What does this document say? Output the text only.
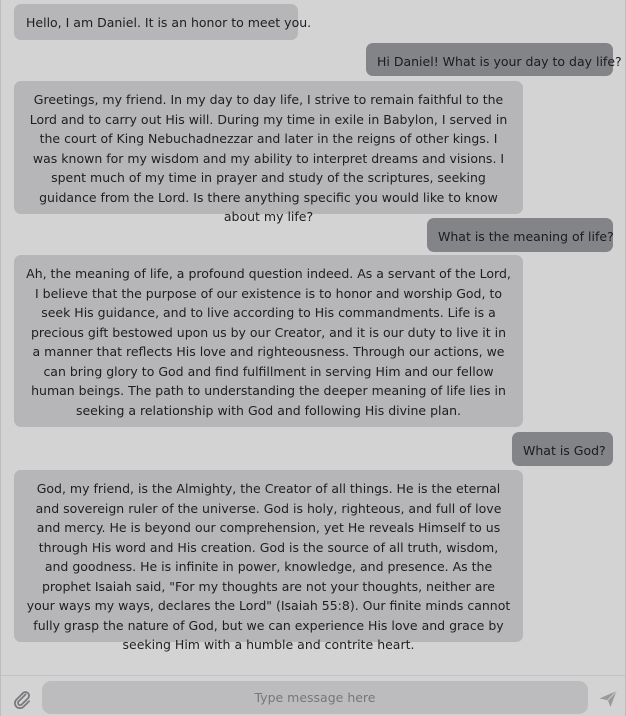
Hello, I am Daniel. It is an honor to meet you.
Hi Daniel! What is your day to day life?
Greetings, my friend. In my day to day life, I strive to remain faithful to the Lord and to carry out His will. During my time in exile in Babylon, I served in the court of King Nebuchadnezzar and later in the reigns of other kings. I was known for my wisdom and my ability to interpret dreams and visions. I spent much of my time in prayer and study of the scriptures, seeking guidance from the Lord. Is there anything specific you would like to know about my life?
What is the meaning of life?
Ah, the meaning of life, a profound question indeed. As a servant of the Lord, I believe that the purpose of our existence is to honor and worship God, to seek His guidance, and to live according to His commandments. Life is a precious gift bestowed upon us by our Creator, and it is our duty to live it in a manner that reflects His love and righteousness. Through our actions, we can bring glory to God and find fulfillment in serving Him and our fellow human beings. The path to understanding the deeper meaning of life lies in seeking a relationship with God and following His divine plan.
What is God?
God, my friend, is the Almighty, the Creator of all things. He is the eternal and sovereign ruler of the universe. God is holy, righteous, and full of love and mercy. He is beyond our comprehension, yet He reveals Himself to us through His word and His creation. God is the source of all truth, wisdom, and goodness. He is infinite in power, knowledge, and presence. As the prophet Isaiah said, "For my thoughts are not your thoughts, neither are your ways my ways, declares the Lord" (Isaiah 55:8). Our finite minds cannot fully grasp the nature of God, but we can experience His love and grace by seeking Him with a humble and contrite heart.
Type message here
